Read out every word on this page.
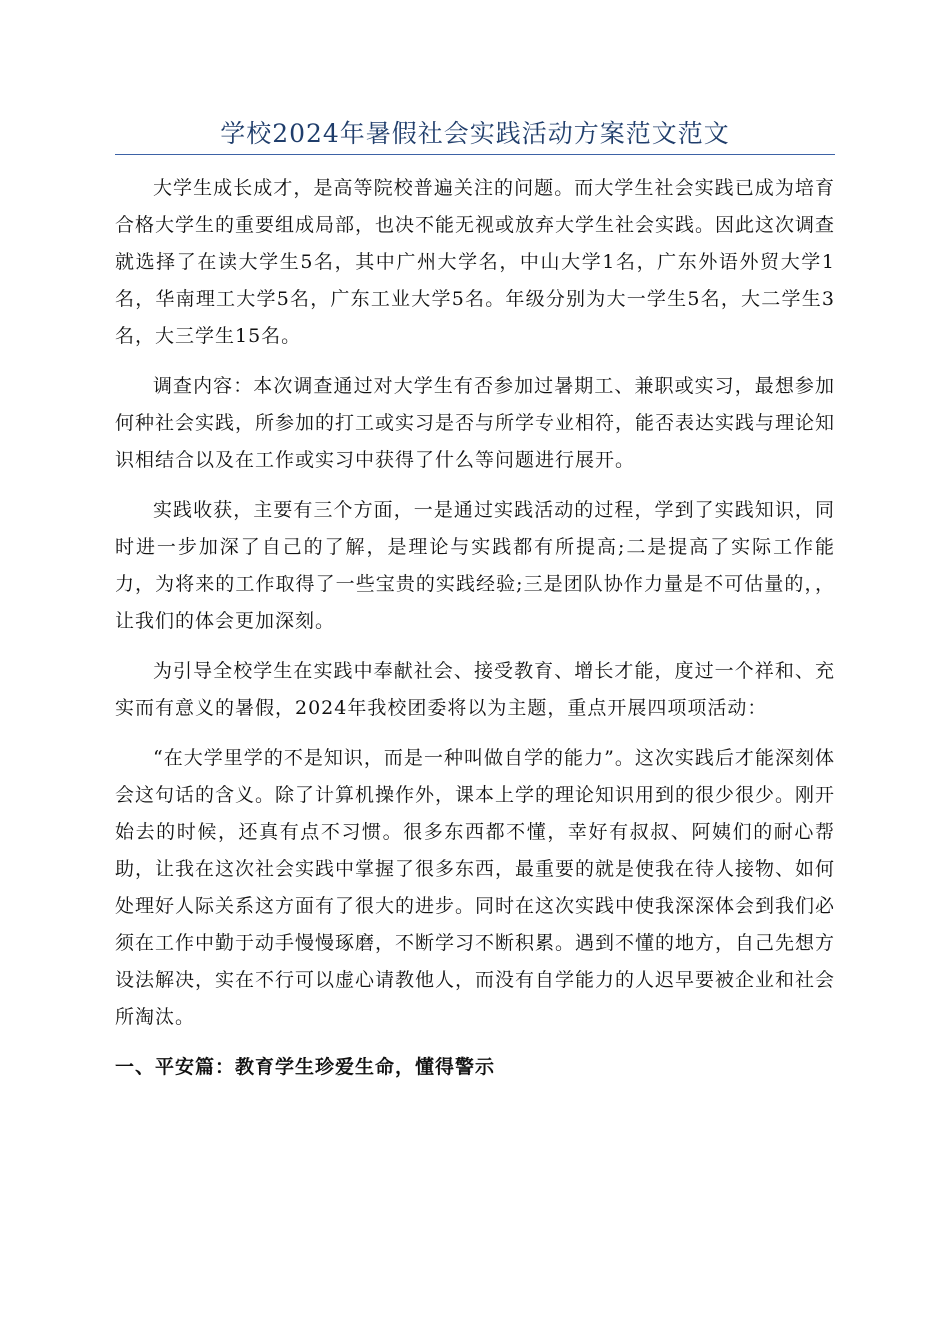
学校2024年暑假社会实践活动方案范文范文

大学生成长成才，是高等院校普遍关注的问题。而大学生社会实践已成为培育合格大学生的重要组成局部，也决不能无视或放弃大学生社会实践。因此这次调查就选择了在读大学生5名，其中广州大学名，中山大学1名，广东外语外贸大学1名，华南理工大学5名，广东工业大学5名。年级分别为大一学生5名，大二学生3名，大三学生15名。

调查内容：本次调查通过对大学生有否参加过暑期工、兼职或实习，最想参加何种社会实践，所参加的打工或实习是否与所学专业相符，能否表达实践与理论知识相结合以及在工作或实习中获得了什么等问题进行展开。

实践收获，主要有三个方面，一是通过实践活动的过程，学到了实践知识，同时进一步加深了自己的了解，是理论与实践都有所提高;二是提高了实际工作能力，为将来的工作取得了一些宝贵的实践经验;三是团队协作力量是不可估量的，，让我们的体会更加深刻。

为引导全校学生在实践中奉献社会、接受教育、增长才能，度过一个祥和、充实而有意义的暑假，2024年我校团委将以为主题，重点开展四项项活动：

“在大学里学的不是知识，而是一种叫做自学的能力”。这次实践后才能深刻体会这句话的含义。除了计算机操作外，课本上学的理论知识用到的很少很少。刚开始去的时候，还真有点不习惯。很多东西都不懂，幸好有叔叔、阿姨们的耐心帮助，让我在这次社会实践中掌握了很多东西，最重要的就是使我在待人接物、如何处理好人际关系这方面有了很大的进步。同时在这次实践中使我深深体会到我们必须在工作中勤于动手慢慢琢磨，不断学习不断积累。遇到不懂的地方，自己先想方设法解决，实在不行可以虚心请教他人，而没有自学能力的人迟早要被企业和社会所淘汰。

一、平安篇：教育学生珍爱生命，懂得警示
